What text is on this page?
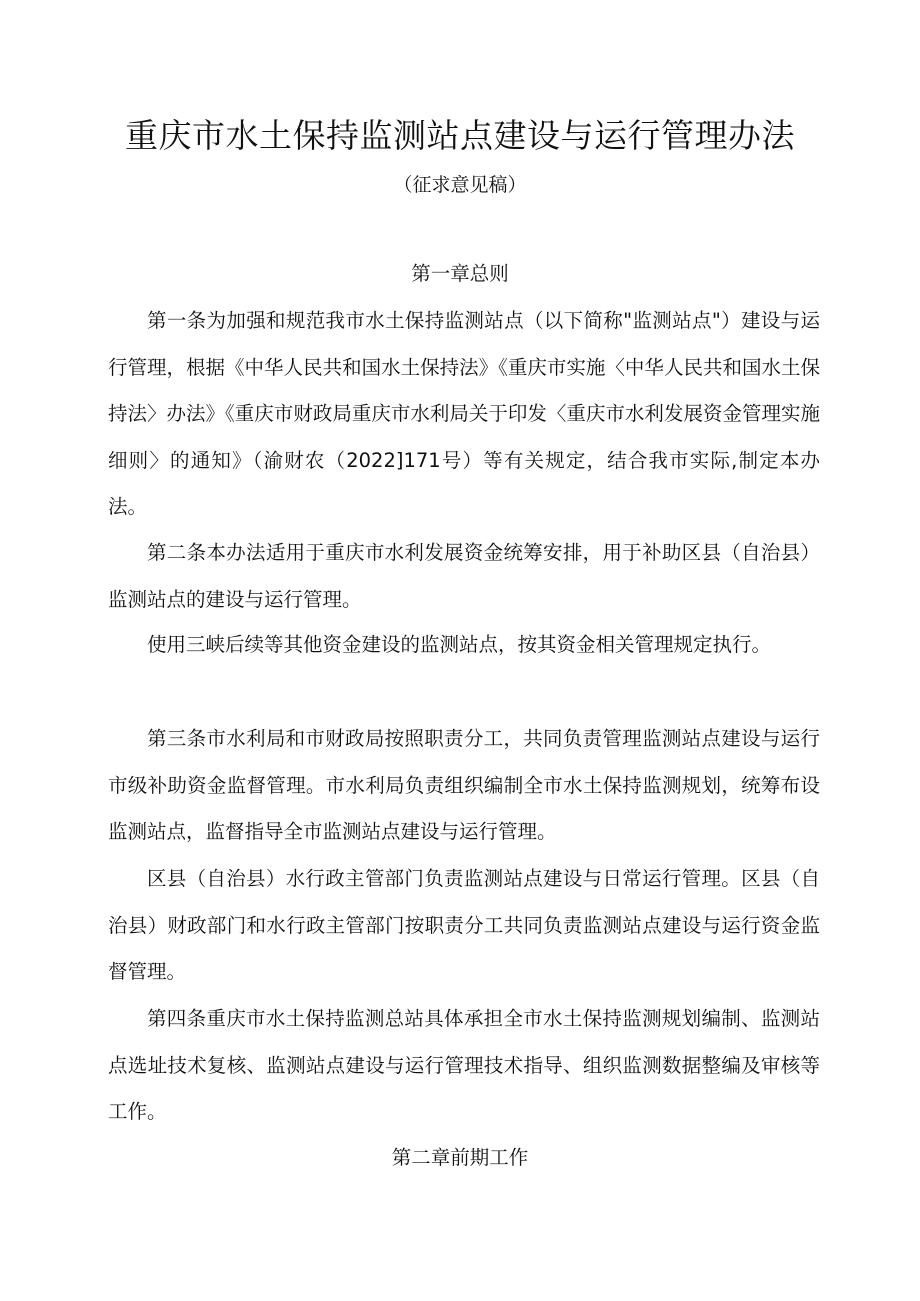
重庆市水土保持监测站点建设与运行管理办法
（征求意见稿）
第一章总则

第一条为加强和规范我市水土保持监测站点（以下简称"监测站点"）建设与运行管理，根据《中华人民共和国水土保持法》《重庆市实施〈中华人民共和国水土保持法〉办法》《重庆市财政局重庆市水利局关于印发〈重庆市水利发展资金管理实施细则〉的通知》（渝财农（2022]171号）等有关规定，结合我市实际,制定本办法。

第二条本办法适用于重庆市水利发展资金统筹安排，用于补助区县（自治县）监测站点的建设与运行管理。

使用三峡后续等其他资金建设的监测站点，按其资金相关管理规定执行。

第三条市水利局和市财政局按照职责分工，共同负责管理监测站点建设与运行市级补助资金监督管理。市水利局负责组织编制全市水土保持监测规划，统筹布设监测站点，监督指导全市监测站点建设与运行管理。

区县（自治县）水行政主管部门负责监测站点建设与日常运行管理。区县（自治县）财政部门和水行政主管部门按职责分工共同负责监测站点建设与运行资金监督管理。

第四条重庆市水土保持监测总站具体承担全市水土保持监测规划编制、监测站点选址技术复核、监测站点建设与运行管理技术指导、组织监测数据整编及审核等工作。

第二章前期工作
